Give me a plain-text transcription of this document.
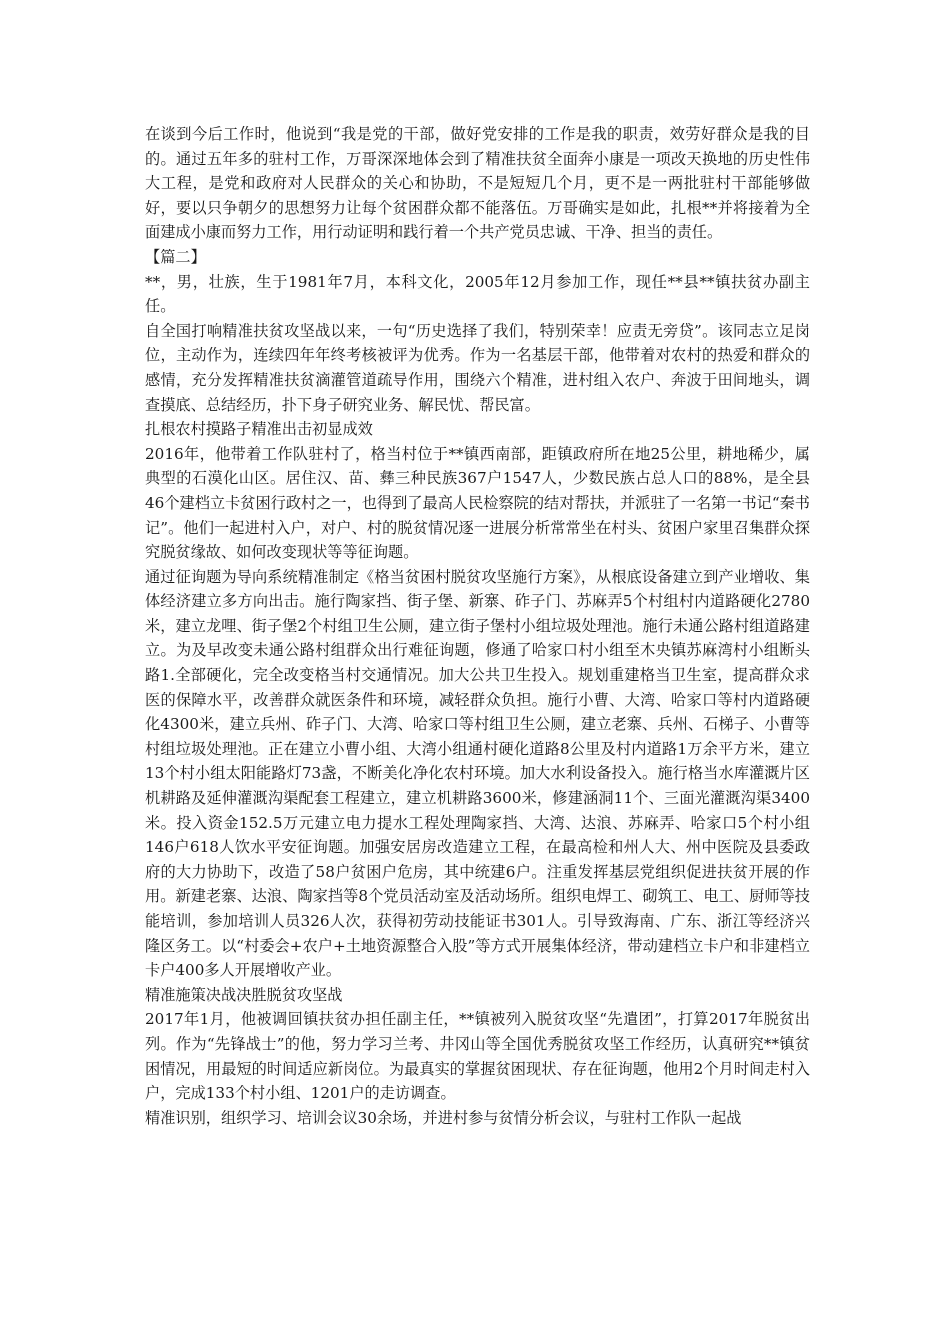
在谈到今后工作时，他说到“我是党的干部，做好党安排的工作是我的职责，效劳好群众是我的目的。通过五年多的驻村工作，万哥深深地体会到了精准扶贫全面奔小康是一项改天换地的历史性伟大工程，是党和政府对人民群众的关心和协助，不是短短几个月，更不是一两批驻村干部能够做好，要以只争朝夕的思想努力让每个贫困群众都不能落伍。万哥确实是如此，扎根**并将接着为全面建成小康而努力工作，用行动证明和践行着一个共产党员忠诚、干净、担当的责任。

【篇二】

**，男，壮族，生于1981年7月，本科文化，2005年12月参加工作，现任**县**镇扶贫办副主任。

自全国打响精准扶贫攻坚战以来，一句“历史选择了我们，特别荣幸！应责无旁贷”。该同志立足岗位，主动作为，连续四年年终考核被评为优秀。作为一名基层干部，他带着对农村的热爱和群众的感情，充分发挥精准扶贫滴灌管道疏导作用，围绕六个精准，进村组入农户、奔波于田间地头，调查摸底、总结经历，扑下身子研究业务、解民忧、帮民富。

扎根农村摸路子精准出击初显成效

2016年，他带着工作队驻村了，格当村位于**镇西南部，距镇政府所在地25公里，耕地稀少，属典型的石漠化山区。居住汉、苗、彝三种民族367户1547人，少数民族占总人口的88%，是全县46个建档立卡贫困行政村之一，也得到了最高人民检察院的结对帮扶，并派驻了一名第一书记“秦书记”。他们一起进村入户，对户、村的脱贫情况逐一进展分析常常坐在村头、贫困户家里召集群众探究脱贫缘故、如何改变现状等等征询题。

通过征询题为导向系统精准制定《格当贫困村脱贫攻坚施行方案》，从根底设备建立到产业增收、集体经济建立多方向出击。施行陶家挡、街子堡、新寨、砟子门、苏麻弄5个村组村内道路硬化2780米，建立龙哩、街子堡2个村组卫生公厕，建立街子堡村小组垃圾处理池。施行未通公路村组道路建立。为及早改变未通公路村组群众出行难征询题，修通了哈家口村小组至木央镇苏麻湾村小组断头路1.全部硬化，完全改变格当村交通情况。加大公共卫生投入。规划重建格当卫生室，提高群众求医的保障水平，改善群众就医条件和环境，减轻群众负担。施行小曹、大湾、哈家口等村内道路硬化4300米，建立兵州、砟子门、大湾、哈家口等村组卫生公厕，建立老寨、兵州、石梯子、小曹等村组垃圾处理池。正在建立小曹小组、大湾小组通村硬化道路8公里及村内道路1万余平方米，建立13个村小组太阳能路灯73盏，不断美化净化农村环境。加大水利设备投入。施行格当水库灌溉片区机耕路及延伸灌溉沟渠配套工程建立，建立机耕路3600米，修建涵洞11个、三面光灌溉沟渠3400米。投入资金152.5万元建立电力提水工程处理陶家挡、大湾、达浪、苏麻弄、哈家口5个村小组146户618人饮水平安征询题。加强安居房改造建立工程，在最高检和州人大、州中医院及县委政府的大力协助下，改造了58户贫困户危房，其中统建6户。注重发挥基层党组织促进扶贫开展的作用。新建老寨、达浪、陶家挡等8个党员活动室及活动场所。组织电焊工、砌筑工、电工、厨师等技能培训，参加培训人员326人次，获得初劳动技能证书301人。引导致海南、广东、浙江等经济兴隆区务工。以“村委会+农户+土地资源整合入股”等方式开展集体经济，带动建档立卡户和非建档立卡户400多人开展增收产业。

精准施策决战决胜脱贫攻坚战

2017年1月，他被调回镇扶贫办担任副主任，**镇被列入脱贫攻坚“先遣团”，打算2017年脱贫出列。作为“先锋战士”的他，努力学习兰考、井冈山等全国优秀脱贫攻坚工作经历，认真研究**镇贫困情况，用最短的时间适应新岗位。为最真实的掌握贫困现状、存在征询题，他用2个月时间走村入户，完成133个村小组、1201户的走访调查。

精准识别，组织学习、培训会议30余场，并进村参与贫情分析会议，与驻村工作队一起战
